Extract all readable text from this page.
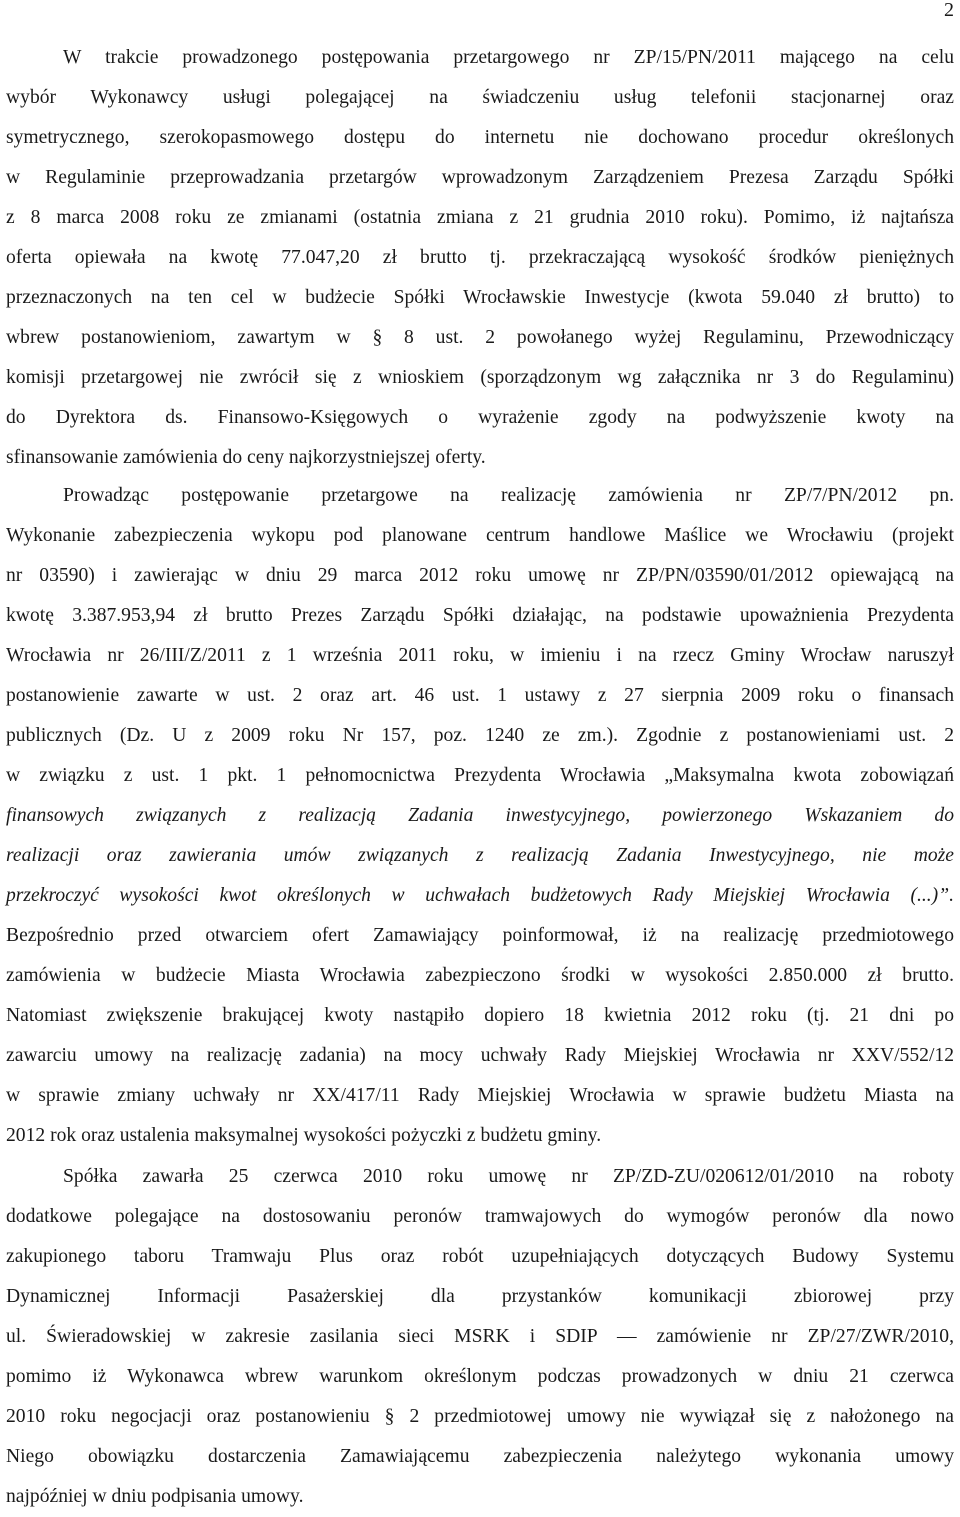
2

W trakcie prowadzonego postępowania przetargowego nr ZP/15/PN/2011 mającego na celu
wybór Wykonawcy usługi polegającej na świadczeniu usług telefonii stacjonarnej oraz
symetrycznego, szerokopasmowego dostępu do internetu nie dochowano procedur określonych
w Regulaminie przeprowadzania przetargów wprowadzonym Zarządzeniem Prezesa Zarządu Spółki
z 8 marca 2008 roku ze zmianami (ostatnia zmiana z 21 grudnia 2010 roku). Pomimo, iż najtańsza
oferta opiewała na kwotę 77.047,20 zł brutto tj. przekraczającą wysokość środków pieniężnych
przeznaczonych na ten cel w budżecie Spółki Wrocławskie Inwestycje (kwota 59.040 zł brutto) to
wbrew postanowieniom, zawartym w § 8 ust. 2 powołanego wyżej Regulaminu, Przewodniczący
komisji przetargowej nie zwrócił się z wnioskiem (sporządzonym wg załącznika nr 3 do Regulaminu)
do Dyrektora ds. Finansowo-Księgowych o wyrażenie zgody na podwyższenie kwoty na
sfinansowanie zamówienia do ceny najkorzystniejszej oferty.

Prowadząc postępowanie przetargowe na realizację zamówienia nr ZP/7/PN/2012 pn.
Wykonanie zabezpieczenia wykopu pod planowane centrum handlowe Maślice we Wrocławiu (projekt
nr 03590) i zawierając w dniu 29 marca 2012 roku umowę nr ZP/PN/03590/01/2012 opiewającą na
kwotę 3.387.953,94 zł brutto Prezes Zarządu Spółki działając, na podstawie upoważnienia Prezydenta
Wrocławia nr 26/III/Z/2011 z 1 września 2011 roku, w imieniu i na rzecz Gminy Wrocław naruszył
postanowienie zawarte w ust. 2 oraz art. 46 ust. 1 ustawy z 27 sierpnia 2009 roku o finansach
publicznych (Dz. U z 2009 roku Nr 157, poz. 1240 ze zm.). Zgodnie z postanowieniami ust. 2
w związku z ust. 1 pkt. 1 pełnomocnictwa Prezydenta Wrocławia „Maksymalna kwota zobowiązań
finansowych związanych z realizacją Zadania inwestycyjnego, powierzonego Wskazaniem do
realizacji oraz zawierania umów związanych z realizacją Zadania Inwestycyjnego, nie może
przekroczyć wysokości kwot określonych w uchwałach budżetowych Rady Miejskiej Wrocławia (...)”.
Bezpośrednio przed otwarciem ofert Zamawiający poinformował, iż na realizację przedmiotowego
zamówienia w budżecie Miasta Wrocławia zabezpieczono środki w wysokości 2.850.000 zł brutto.
Natomiast zwiększenie brakującej kwoty nastąpiło dopiero 18 kwietnia 2012 roku (tj. 21 dni po
zawarciu umowy na realizację zadania) na mocy uchwały Rady Miejskiej Wrocławia nr XXV/552/12
w sprawie zmiany uchwały nr XX/417/11 Rady Miejskiej Wrocławia w sprawie budżetu Miasta na
2012 rok oraz ustalenia maksymalnej wysokości pożyczki z budżetu gminy.

Spółka zawarła 25 czerwca 2010 roku umowę nr ZP/ZD-ZU/020612/01/2010 na roboty
dodatkowe polegające na dostosowaniu peronów tramwajowych do wymogów peronów dla nowo
zakupionego taboru Tramwaju Plus oraz robót uzupełniających dotyczących Budowy Systemu
Dynamicznej Informacji Pasażerskiej dla przystanków komunikacji zbiorowej przy
ul. Świeradowskiej w zakresie zasilania sieci MSRK i SDIP — zamówienie nr ZP/27/ZWR/2010,
pomimo iż Wykonawca wbrew warunkom określonym podczas prowadzonych w dniu 21 czerwca
2010 roku negocjacji oraz postanowieniu § 2 przedmiotowej umowy nie wywiązał się z nałożonego na
Niego obowiązku dostarczenia Zamawiającemu zabezpieczenia należytego wykonania umowy
najpóźniej w dniu podpisania umowy.
